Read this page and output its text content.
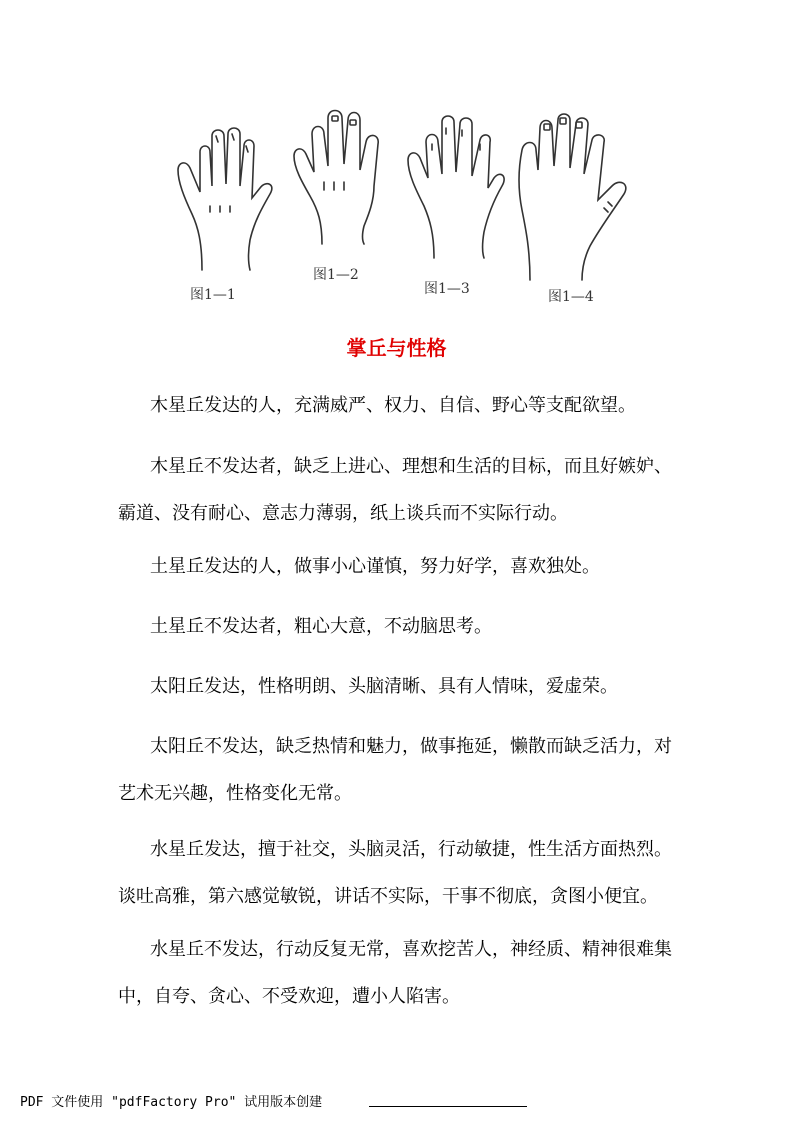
图1—1
图1—2
图1—3	图1—4
掌丘与性格

木星丘发达的人，充满威严、权力、自信、野心等支配欲望。

木星丘不发达者，缺乏上进心、理想和生活的目标，而且好嫉妒、霸道、没有耐心、意志力薄弱，纸上谈兵而不实际行动。

土星丘发达的人，做事小心谨慎，努力好学，喜欢独处。

土星丘不发达者，粗心大意，不动脑思考。

太阳丘发达，性格明朗、头脑清晰、具有人情味，爱虚荣。

太阳丘不发达，缺乏热情和魅力，做事拖延，懒散而缺乏活力，对艺术无兴趣，性格变化无常。

水星丘发达，擅于社交，头脑灵活，行动敏捷，性生活方面热烈。谈吐高雅，第六感觉敏锐，讲话不实际，干事不彻底，贪图小便宜。

水星丘不发达，行动反复无常，喜欢挖苦人，神经质、精神很难集中，自夸、贪心、不受欢迎，遭小人陷害。

PDF 文件使用 "pdfFactory Pro" 试用版本创建
